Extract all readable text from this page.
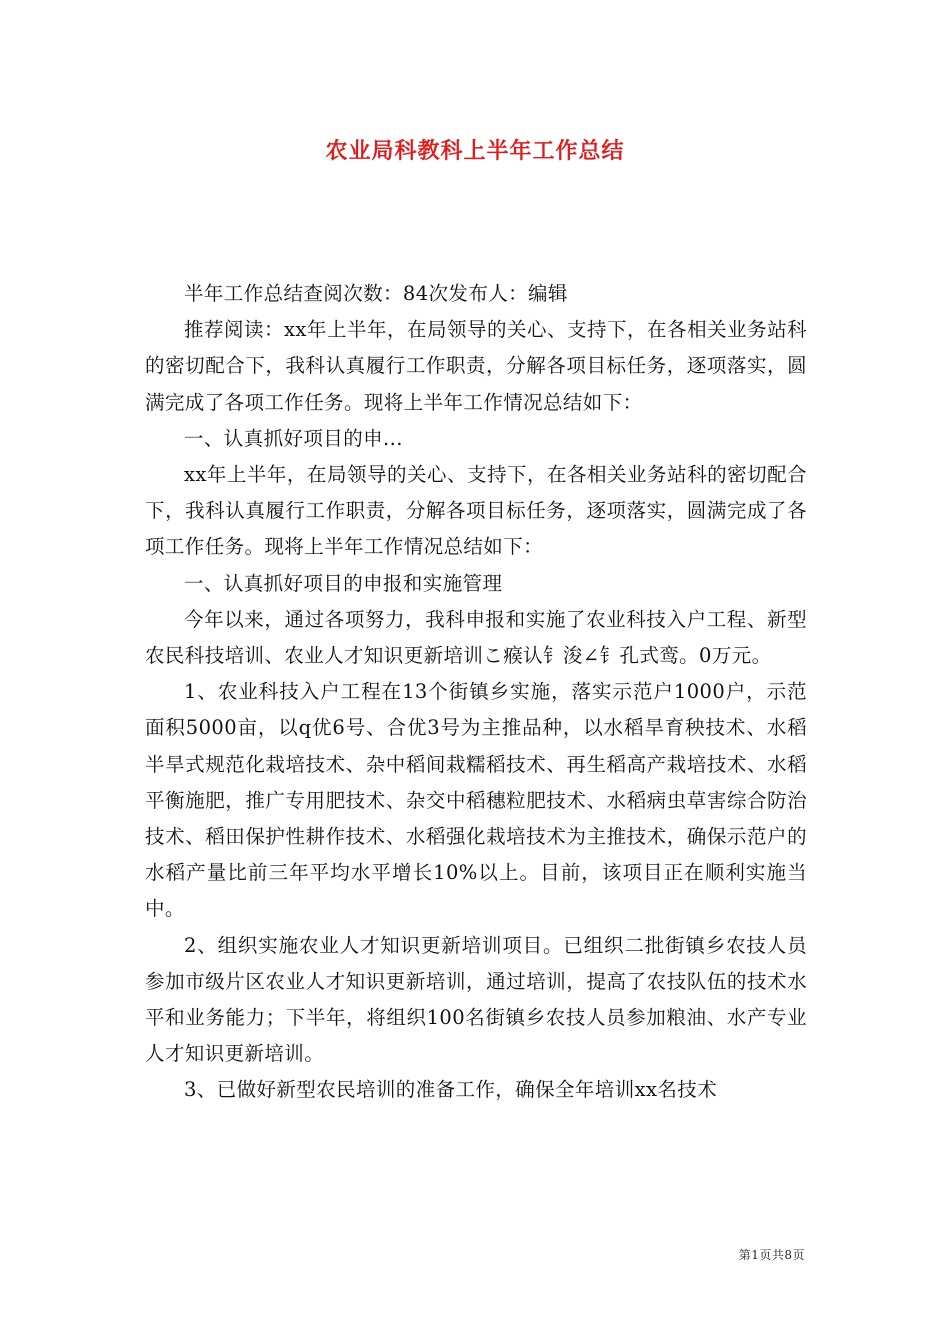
农业局科教科上半年工作总结

半年工作总结查阅次数：84次发布人：编辑

推荐阅读：xx年上半年，在局领导的关心、支持下，在各相关业务站科的密切配合下，我科认真履行工作职责，分解各项目标任务，逐项落实，圆满完成了各项工作任务。现将上半年工作情况总结如下：

一、认真抓好项目的申...

xx年上半年，在局领导的关心、支持下，在各相关业务站科的密切配合下，我科认真履行工作职责，分解各项目标任务，逐项落实，圆满完成了各项工作任务。现将上半年工作情况总结如下：

一、认真抓好项目的申报和实施管理

今年以来，通过各项努力，我科申报和实施了农业科技入户工程、新型农民科技培训、农业人才知识更新培训こ瘊认钅浚∠钅孔式鸾。0万元。

1、农业科技入户工程在13个街镇乡实施，落实示范户1000户，示范面积5000亩，以q优6号、合优3号为主推品种，以水稻旱育秧技术、水稻半旱式规范化栽培技术、杂中稻间栽糯稻技术、再生稻高产栽培技术、水稻平衡施肥，推广专用肥技术、杂交中稻穗粒肥技术、水稻病虫草害综合防治技术、稻田保护性耕作技术、水稻强化栽培技术为主推技术，确保示范户的水稻产量比前三年平均水平增长10%以上。目前，该项目正在顺利实施当中。

2、组织实施农业人才知识更新培训项目。已组织二批街镇乡农技人员参加市级片区农业人才知识更新培训，通过培训，提高了农技队伍的技术水平和业务能力；下半年，将组织100名街镇乡农技人员参加粮油、水产专业人才知识更新培训。

3、已做好新型农民培训的准备工作，确保全年培训xx名技术

第1页共8页
